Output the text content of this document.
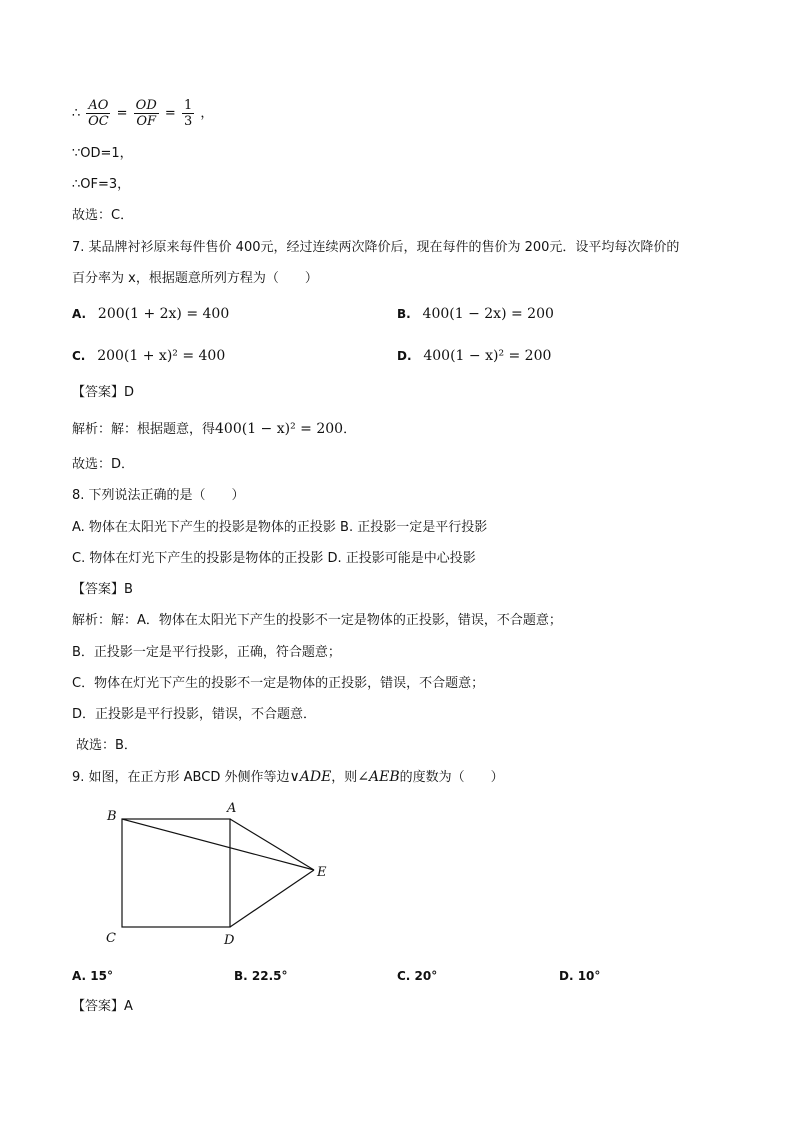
∴ $\frac{AO}{OC} = \frac{OD}{OF} = \frac{1}{3}$ ，
∵OD=1，
∴OF=3，
故选：C．
7. 某品牌衬衫原来每件售价 400元，经过连续两次降价后，现在每件的售价为 200元．设平均每次降价的
百分率为 x，根据题意所列方程为（　　）
A. 200(1 + 2x) = 400	B. 400(1 − 2x) = 200
C. 200(1 + x)² = 400	D. 400(1 − x)² = 200
【答案】D
解析：解：根据题意，得400(1 − x)² = 200．
故选：D．
8. 下列说法正确的是（　　）
A. 物体在太阳光下产生的投影是物体的正投影 B. 正投影一定是平行投影
C. 物体在灯光下产生的投影是物体的正投影 D. 正投影可能是中心投影
【答案】B
解析：解：A．物体在太阳光下产生的投影不一定是物体的正投影，错误，不合题意；
B．正投影一定是平行投影，正确，符合题意；
C．物体在灯光下产生的投影不一定是物体的正投影，错误，不合题意；
D．正投影是平行投影，错误，不合题意．
故选：B．
9. 如图，在正方形 ABCD 外侧作等边∨ADE，则∠AEB的度数为（　　）
B
A
E
C	D
A. 15°	B. 22.5°	C. 20°	D. 10°
【答案】A
